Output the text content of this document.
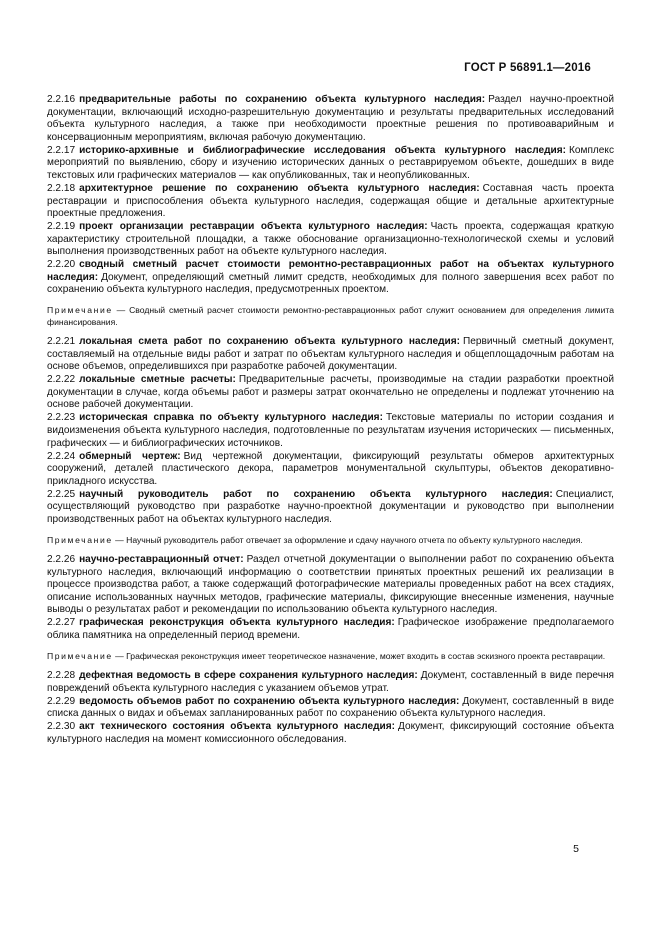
ГОСТ Р 56891.1—2016

2.2.16 предварительные работы по сохранению объекта культурного наследия: Раздел научно-проектной документации, включающий исходно-разрешительную документацию и результаты предварительных исследований объекта культурного наследия, а также при необходимости проектные решения по противоаварийным и консервационным мероприятиям, включая рабочую документацию.

2.2.17 историко-архивные и библиографические исследования объекта культурного наследия: Комплекс мероприятий по выявлению, сбору и изучению исторических данных о реставрируемом объекте, дошедших в виде текстовых или графических материалов — как опубликованных, так и неопубликованных.

2.2.18 архитектурное решение по сохранению объекта культурного наследия: Составная часть проекта реставрации и приспособления объекта культурного наследия, содержащая общие и детальные архитектурные проектные предложения.

2.2.19 проект организации реставрации объекта культурного наследия: Часть проекта, содержащая краткую характеристику строительной площадки, а также обоснование организационно-технологической схемы и условий выполнения производственных работ на объекте культурного наследия.

2.2.20 сводный сметный расчет стоимости ремонтно-реставрационных работ на объектах культурного наследия: Документ, определяющий сметный лимит средств, необходимых для полного завершения всех работ по сохранению объекта культурного наследия, предусмотренных проектом.

Примечание — Сводный сметный расчет стоимости ремонтно-реставрационных работ служит основанием для определения лимита финансирования.

2.2.21 локальная смета работ по сохранению объекта культурного наследия: Первичный сметный документ, составляемый на отдельные виды работ и затрат по объектам культурного наследия и общеплощадочным работам на основе объемов, определившихся при разработке рабочей документации.

2.2.22 локальные сметные расчеты: Предварительные расчеты, производимые на стадии разработки проектной документации в случае, когда объемы работ и размеры затрат окончательно не определены и подлежат уточнению на основе рабочей документации.

2.2.23 историческая справка по объекту культурного наследия: Текстовые материалы по истории создания и видоизменения объекта культурного наследия, подготовленные по результатам изучения исторических — письменных, графических — и библиографических источников.

2.2.24 обмерный чертеж: Вид чертежной документации, фиксирующий результаты обмеров архитектурных сооружений, деталей пластического декора, параметров монументальной скульптуры, объектов декоративно-прикладного искусства.

2.2.25 научный руководитель работ по сохранению объекта культурного наследия: Специалист, осуществляющий руководство при разработке научно-проектной документации и руководство при выполнении производственных работ на объектах культурного наследия.

Примечание — Научный руководитель работ отвечает за оформление и сдачу научного отчета по объекту культурного наследия.

2.2.26 научно-реставрационный отчет: Раздел отчетной документации о выполнении работ по сохранению объекта культурного наследия, включающий информацию о соответствии принятых проектных решений их реализации в процессе производства работ, а также содержащий фотографические материалы проведенных работ на всех стадиях, описание использованных научных методов, графические материалы, фиксирующие внесенные изменения, научные выводы о результатах работ и рекомендации по использованию объекта культурного наследия.

2.2.27 графическая реконструкция объекта культурного наследия: Графическое изображение предполагаемого облика памятника на определенный период времени.

Примечание — Графическая реконструкция имеет теоретическое назначение, может входить в состав эскизного проекта реставрации.

2.2.28 дефектная ведомость в сфере сохранения культурного наследия: Документ, составленный в виде перечня повреждений объекта культурного наследия с указанием объемов утрат.

2.2.29 ведомость объемов работ по сохранению объекта культурного наследия: Документ, составленный в виде списка данных о видах и объемах запланированных работ по сохранению объекта культурного наследия.

2.2.30 акт технического состояния объекта культурного наследия: Документ, фиксирующий состояние объекта культурного наследия на момент комиссионного обследования.

5
